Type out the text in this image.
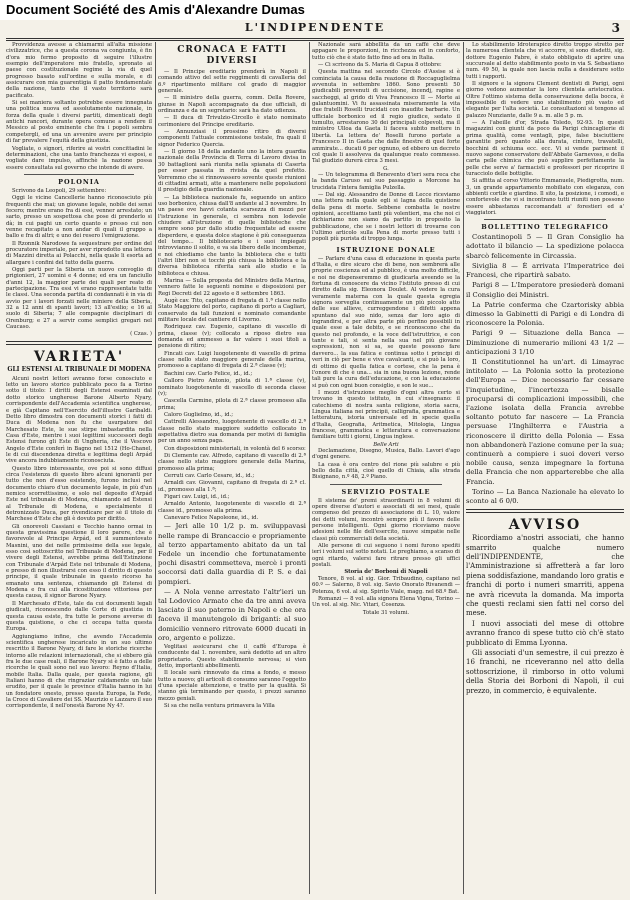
Document Société des Amis d'Alexandre Dumas
L'INDIPENDENTE	3

Provvidenza avesse a chiamarmi all'alta missione civilizzatrice, che a questa corona va congiunta, è fin d'ora mio fermo proposito di seguire l'illustre esempio dell'imperatore mio fratello, spronato ai paese con costituzionale regime la via di quel progresso basato sull'ordine e sulla morale, e di assicurare con mia guarentigia il patto fondamentale della nazione, tanto che il vasto territorio sarà pacificato.

Si sei maniera soltanto potrebbe essere innegnata una politica nuova ed assolutamente nazionale, in forza della quale i diversi partiti, dimenticati degli antichi rancori, durante opera comune a rendere il Messico al posto eminente che fra i popoli sembra competergli, ed una un avvenire avere per principio di far prevalere l'equità della giustizia.

Vogliate, o signori, riferire ai vostri concittadini le determinazioni, che una tanto franchezza vi esposi, e vogliate dare impulso, affinchè la nazione possa essere consultata sul governo che intende di avere.

POLONIA

Scrivono da Leopoli, 29 settembre:

Oggi le vicine Cancellerie hanno riconosciuto più frequenti che mai; un giovane legale, nobile dei sensi fecero; mentre erano fra di essi, venner arrestato; un sarto, presso un sospettosa che pose di prenderlo si dà; in cui paghi un certo quanto e presso cui non venne recapitato a non andar di quali il gruppo a ballo e fra di altri; e uno dei resero l'emigrazione.

Il Rzonnik Narodowe fa sequestrare per ordine del procuratore imperiale, per aver riprodotto una lettera di Mazzini diretta ai Polacchi, nella quale li esorta ad allargare i confini del tutto della guerra.

Oggi parti per la Siberia un nuovo convoglio di prigionieri, 27 uomini e 4 donne; ed era un fanciullo d'anni 12, la maggior parte dei quali per reato di partecipazione. Tra essi vi erano rappresentate tutte le classi. Una seconda partita di condannati è in via di avvio per i lavori forzati nelle miniere della Siberia, 32 a 12 anni di spanti lavori; 13 all'esilio; e 16 al suolo di Siberia; 7 alle compagnie disciplinari di Orenburg; e 27 a servir come semplici gregari nel Caucaso.

( Czas. )
VARIETA'
GLI ESTENSI AL TRIBUNALE DI MODENA

Alcuni nostri lettori avranno forse conosciuto e letto un lavoro storico pubblicato poco fa a Torino sotto il titolo: I diritti degli Estensi esaminati dal dotto storico ungherese Barone Alberto Nyary, corrispondente dell'Accademia scientifica ungherese, e già Capitano nell'Esercito dell'illustre Garibaldi. Detto libro dimostra con documenti storici i fatti di Duca di Modena non fu che usurpatore del Marchesato Este, le sue stirpe imbastardita nella Casa d'Este, mentre i suoi legittimi successori degli Estensi furono gli Este di Ungheria, che il Vescovo Angelo d'Este conferì in Bagno nel 1512 (Ho-Chanel, le di cui discendenza diretta e legittima degli Arpád vive ancora indubbiamente riconosciuta.

Questo libro interessante, ove poi si sono diffusi circa l'esistenza di questo libro alcuni ignoranti per tutto che non d'esso esistendo, furono inclusi nel documento chiaro d'un documento legale, in più d'un nemico scorrettissimo, e solo nel deposito d'Arpád Este nel tribunale di Modena, chiamando ad Estensi al Tribunale di Modena, e specialmente il detronizzato Duca, per rivendicare per sè il titolo di Marchese d'Este che gli è dovuto per diritto.

Gli onorevoli Cassiani e Tecchio hanno ormai in questa gravissima questione il loro parere, che è favorevole al Principe Arpád, ed il summentovato Masnini, uno dei nelle primissime della sue legale, esso così sottoscritto nel Tribunale di Modena, per il vivere degli Estensi, avrebbe prima dell'Estinzione con Tribunale d'Arpád Este nel tribunale di Modena, e presso di non illustrarsi con esso il diritto di questo principe, il quale tribunale in questo ricorso ha emanato una sentenza, chiamando gli Estensi di Modena e fra cui alla ricostituzione vittoriosa per questa causa, il signor Barone Nyary.

Il Marchesato d'Este, tale da cui documenti legali giudicati, riconoscendo dalle Corte di giustizia in questa causa esiste, fra tutte le persone avverse di questa quistione, o che ci occupa tutta questa Europa.

Aggiungiamo infine, che avendo l'Accademia scientifica ungherese incaricato in un suo ultimo rescritto il Barone Nyary, di fare le storiche ricerche intorno alle relazioni internazionali, che si ebbero già fra le due case reali, il Barone Nyary si è fatto a delle ricerche le quali sono nel suo lavoro: Reyno d'Italia, mobile Italia. Dalla quale, per questa ragione, gli Italiani hanno di che ringraziar caldamente un tale erudito, per il quale le province d'Italia hanno in lui un fondatore onesto, presso questa Europa, la Fede, la Croce di Cavaliere dei SS. Maurizio e Lazzaro il suo corrispondente, il nell'onestà Barone Ny 4?.

CRONACA E FATTI DIVERSI

— Il Principe ereditario prenderà in Napoli il comando attivo del sette reggimenti di cavalleria del 6.º ripartimento militare col grado di maggior generale.

— Il ministro della guerra, comm. Della Rovere, giunse in Napoli accompagnato da due ufficiali, di ordinanza e da un segretario: sarà ha dato udienza.

— Il duca di Trivulzio-Circello è stato nominato cerimoniere del Principe ereditario.

— Annunziasi il prossimo ritiro di diversi componenti l'attuale commissione testale, fra quali il signor Federico Quercia.

— Il giorno 18 della andante uno la intera guardia nazionale della Provincia di Terra di Lavoro divisa in 30 battaglioni sarà riunita nella spianata di Caserta per esser passata in rivista da quel prefetto. Vorremmo che si rinnovassero sovente queste riunioni di cittadini armati, atte a mantenere nelle popolazioni il prestigio della guardia nazionale.

— La biblioteca nazionale fu, seguendo un antico uso borbonico, chiusa dall'8 andante al 3 novembre. In un paese ove havvi cotanta scarsezza di mezzi per l'istruzione in generale, ci sembra non lodevole chiudere all'istruzione di quelle biblioteche che sempre sono pur dallo studio frequentate ad essere disperdere, e questa dolce stagione è più conseguenza del tempo... Il bibliotecario e i suoi impiegati introvvianno il solito, e va sia libero delle incombenze, e noi chiediamo che tanto la biblioteca che e tutti l'altri libri non si tocchi più chiusa la biblioteca e la diversa biblioteca riferita sarà allo studio e la biblioteca e chiusa.

Marina — Sulla proposta del Ministro della Marina, vennero fatte le seguenti nomine e disposizioni per Regi Decreti del 22 agosto e 8 settembre 1863.

Augè cav. Tito, capitano di fregata di 1.ª classe nello Stato Maggiore del porto, capitano di porto a Cagliari, conservato da tali funzioni e nominato comandante militare locale del cantiere di Livorno.

Rodriquez cav. Eugenio, capitano di vascello di prima, classe (v); collocato a riposo dietro sua domanda ed ammesso a far valere i suoi titoli a pensione di ritiro;

Fincati cav. Luigi luogotenente di vascello di prima classe nello stato maggiore generale della marina, promosso a capitano di fregata di 2.ª classe (v);

Bachini cav. Carlo Felice, id., id.;

Calloro Pietro Antonio, pilota di 1.ª classe (v), nominato luogotenente di vascello di seconda classe (v);

Cascella Carmine, pilota di 2.ª classe promosso alla prima;

Caloro Guglielmo, id., id.;

Cattrelli Alessandro, luogotenente di vascello di 2.ª classe nello stato maggiore suddetto collocato in aspettativa dietro sua domanda per motivi di famiglia per un anno senza paga.

Con disposizioni ministeriali, in volontà del 6 scorso:

Di Clemente cav. Alfredo, capitano di vascello di 2.ª classe nello stato maggiore generale della Marina, promosso alla prima;

Cerruti cav. Carlo Cesare, id., id.;

Arnaldi cav. Giovanni, capitano di fregata di 2.ª cl. id., promosso alla 1.ª;

Figari cav. Luigi, id., id.;

Arnaldo Antonio, luogotenente di vascello di 2.ª classe id., promosso alla prima.

Canevaro Felice Napoleone, id., id.

— Jeri alle 10 1/2 p. m. sviluppavasi nelle rampe di Brancaccio e propriamente al terzo appartamento abitato da un tal Fedele un incendio che fortunatamente pochi disastri commetteva, mercè i pronti soccorsi dati dalla guardia di P. S. e dai pompieri.

— A Nola venne arrestato l'altr'ieri un tal Lodovico Armato che da tre anni aveva lasciato il suo paterno in Napoli e che ora faceva il manutengolo di briganti: al suo domicilio vennero ritrovate 6000 ducati in oro, argento e polizze.

Veglitasi assicurarsi che il caffè d'Europa è conducente dal 1. novembre, sarà dedotto ad un altro proprietario. Questo stabilimento nervosa; si vien detto, importanti abbellimenti.

Il locale sarà rinnovato da cima a fondo, e messo tutto a nuovo; gli articoli di consumo saranno l'oggetto d'una speciale attenzione, e tratto per la qualità. Si stanno già terminando per questo, i prezzi saranno mezzo geniali.

Si sa che nella ventura primavera la Villa

Nazionale sarà abbellita da un caffè che deve appagare le proporzioni, in ricchezza ed in conforto, tutto ciò che è stato fatto fino ad ora in Italia.

— Ci scrivono da S. Maria di Capua 8 ottobre:

Questa mattina nel secondo Circolo d'Assise si è cominciata la causa della reazione di Roccaguglielma avvenuta in settembre 1860. Sono presenti 50 giudicabili prevenuti di uccisione, incendj, rapine e saccheggi, al grido di Viva Francesco II — Morte ai galantuomini. Vi fu assassinata miseramente la vita due fratelli Roselli trucidati con inaudite barbarie. Un ufficiale borbonico ed il regio giudice, sedato il tumulto, arrestarono 30 dei principali colpevoli, ma il ministro Ulloa da Gaeta li faceva subito mettere in libertà. La lettera de' Roselli furono portate a Francesco II in Gaeta che dalle finestre di quel forte ammirate... ducati 6 per ognuno, ed ebbero un decreto col quale li assolveva da qualunque reato commesso. Tal giudizio durerà circa 3 mesi.

G.

— Un telegramma di Benevento d'ieri sera reca che la banda Caruso sul suo passaggio a Morcone ha trucidata l'intera famiglia Pulzella.

— Dal sig. Alessandro de Donne di Lecce riceviamo una lettera nella quale egli si lagna della quistione della pena di morte. Sebbene combatta le nostre opinioni, accettiamo tanti più volentieri, ma che noi ci dichiariamo non siamo da partito in proposito la pubblicazione, che se i nostri lettori di trovarne con l'ultimo articolo sulla Pena di morte presso tutti i popoli più purista di troppo lunga.

ISTRUZIONE DONALE

— Parlare d'una casa di educazione in questa parte d'Italia, e dire sicuro che di bene, non sembrerà alle proprie coscienza ed al pubblico, è una molto difficile, e noi ne dispenseremmo di giudicarla aveendo se la fortuna di conoscere da vicino l'istituto presso di cui diretto dalla sig. Eleonora Doulet. Al vedere la cura veramente materna con la quale questa egregia signora sorveglia continuamente un più piccolo atto delle sue allieve, curreggendone i difetti appena spuntano dal suo nido, senza dar loro agio di ingrandirsi, e per altra parte più perfino possibili in quale esse a tale debito, e se riconoscono che da questo nel profondo, e la voce dell'istruttrice, e con tante e tali, si senta nella sua nel più giovane espressioni, non si sa, se queste possono fare davvero... la sua fatica e continua sotto i principi di veri in ciò per bene e vive cavalcanti, e si può la loro, di ottimo di quella fatica e cortese, che la pena è l'onore di che è una... sia in una buona lezione, rende tali pure la cura dell'educazione, e con la educazione si può con ogni buon consiglio, e son le sue...

I mezzi d'istruzione meglio d'ogni altra certo si trovano in questo istituto, in cui s'insegnano: il catechismo di nostra santa religione, storia sacra, Lingua italiana nei principii, calligrafia, grammatica e letteratura, istoria universale ed in specie quella d'Italia, Geografia, Aritmetica, Mitologia, Lingua francese, grammatica e letteratura e conversazione familiare tutti i giorni, Lingua inglese.

Belle Arti

Declamazione, Disegno, Musica, Ballo. Lavori d'ago d'ogni genere.

La casa è ora centro del rione più salubre e più bello della città, cioè quello di Chiaia, alla strada Bisignano, n.º 48, 2.º Piano.

SERVIZIO POSTALE

Il sistema de' premi straordinarii in 8 volumi di opere diverse d'autori e associati di sei mesi, quale compenso del prezzo di associazione di L. 10, valore dei detti volumi, incontrò sempre più il favore delle persone intelligenti. Ogni giorno riceviamo nuove adesioni nelle file dell'esercito, nuove simpatie nelle classi più commerciali della società.

Alle persone di cui seguono i nomi furono spediti ieri i volumi sul sotto notati. Le preghiamo, a scanso di ogni ritardo, valersi fare ritrare presso gli uffici postali.

Storia de' Borboni di Napoli

Tenore, 8 vol. al sig. Gior. Tribaudino, capitano nel 60.º — Salerno, 8 vol. sig. Savio Onorato Rivanendi — Potenza, 6 vol. al sig. Spirito Viale, magg. nel 68.º Bat.

Romanzi — 8 vol. alla signora Elena Vigna, Torino — Un vol. al sig. Nic. Vitari, Cosenza.

Totale 31 volumi.

Lo stabilimento Idroterapico diretto troppo stretto per la numerosa clientela che vi accorre, si sono disdetti, sig. dottore Eugenio Fabre, è stato obbligato di aprire una succursale al detto stabilimento posto in via S. Sebastiano num. 49 50, la quale non lascia nulla a desiderare sotto tutti i rapporti.

Il signore e la signora Clement dentisti di Parigi, ogni giorno vedono aumentar la loro clientela aristocratica. Oltre l'ottimo sistema della conservazione della bocca, è impossibile di vedere uno stabilimento più vasto ed elegante per l'alta società. Le consultazioni si tengono al palazzo Nunziante, dalle 9 a. m. alle 5 p. m.

— A l'abeille d'or, Strada Toledo, 92-93. In questi magazzini con giunti da poco da Parigi chincaglierie di prima qualità, come ventagli, pipe, false bisciuttiere garantite però quanto alla durata, cinture, travatelli, bocchini di schiuma ecc. ecc. Vi si vende pariment il nuovo sapone conservatore dell'Abbate Garnevoss, e della carta pelle chimica che può supplire perfettamente la pelle che serve a' farmacisti e professori per ricoprire il turacciolo delle bottiglie.

Si affitta al corso Vittorio Emmanuele, Piedigrotta, num. 3, un grande appartamento mobiliato con eleganza, con abbienti cortile e giardino. Il sito, la posizione, i comodi, e confortevole che vi si incontrano tutti riuniti non possono essere abbastanza raccomandati a' forestieri ed a' viaggiatori.

BOLLETTINO TELEGRAFICO

Costantinopoli 5 — Il Gran Consiglio ha adottato il bilancio — La spedizione polacca sbarcò felicemente in Circassia.

Siviglia 8 — È arrivata l'Imperatrice dei Francesi, che ripartirà sabato.

Parigi 8 — L'Imperatore presiederà domani il Consiglio dei Ministri.

La Patrie conferma che Czartorisky abbia dimesso la Gabinetti di Parigi e di Londra di riconoscere la Polonia.

Parigi 9 — Situazione della Banca — Diminuzione di numerario milioni 43 1/2 — anticipazioni 3 1/10

Il Constitutionnel ha un'art. di Limayrac intitolato — La Polonia sotto la protezione dell'Europa — Dice necessario far cessare l'inquietudine, l'incertezza — bisalle procuparsi di complicazioni impossibili, che l'azione isolata della Francia avrebbe soltanto potuto far nascere — La Francia persuase l'Inghilterra e l'Austria a riconoscere il diritto della Polonia — Essa non abbandonerà l'azione comune per la sua; continuerà a compiere i suoi doveri verso nobile causa, senza impegnare la fortuna della Francia che non apparterebbe che alla Francia.

Torino — La Banca Nazionale ha elevato lo sconto al 6 0/0.

AVVISO

Ricordiamo a'nostri associati, che hanno smarrito qualche numero dell'INDIPENDENTE, che l'Amministrazione si affretterà a far loro piena soddisfazione, mandando loro gratis e franchi di porto i numeri smarriti, appena ne avrà ricevuta la domanda. Ma importa che questi reclami sien fatti nel corso del mese.

I nuovi associati del mese di ottobre avranno franco di spese tutto ciò ch'è stato pubblicato di Emma Lyonna.

Gli associati d'un semestre, il cui prezzo è 16 franchi, ne riceveranno nel atto della sottoscrizione, il rimborso in otto volumi della Storia dei Borboni di Napoli, il cui prezzo, in commercio, è equivalente.
